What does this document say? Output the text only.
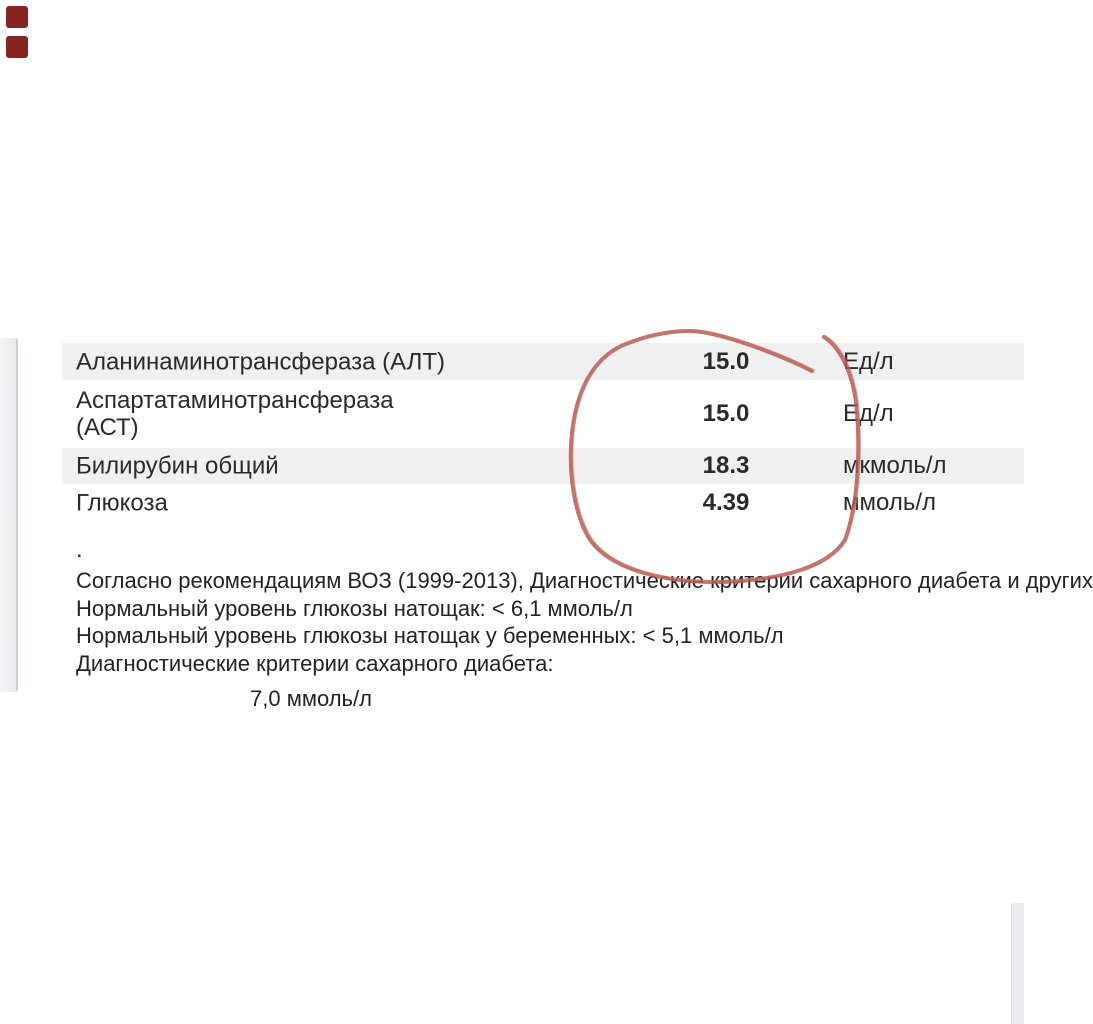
Аланинаминотрансфераза (АЛТ)	15.0	Ед/л
Аспартатаминотрансфераза
(АСТ)
15.0	Ед/л
Билирубин общий	18.3	мкмоль/л
Глюкоза	4.39	ммоль/л
.
Согласно рекомендациям ВОЗ (1999-2013), Диагностические критерии сахарного диабета и других
Нормальный уровень глюкозы натощак: < 6,1 ммоль/л
Нормальный уровень глюкозы натощак у беременных: < 5,1 ммоль/л
Диагностические критерии сахарного диабета:
7,0 ммоль/л
